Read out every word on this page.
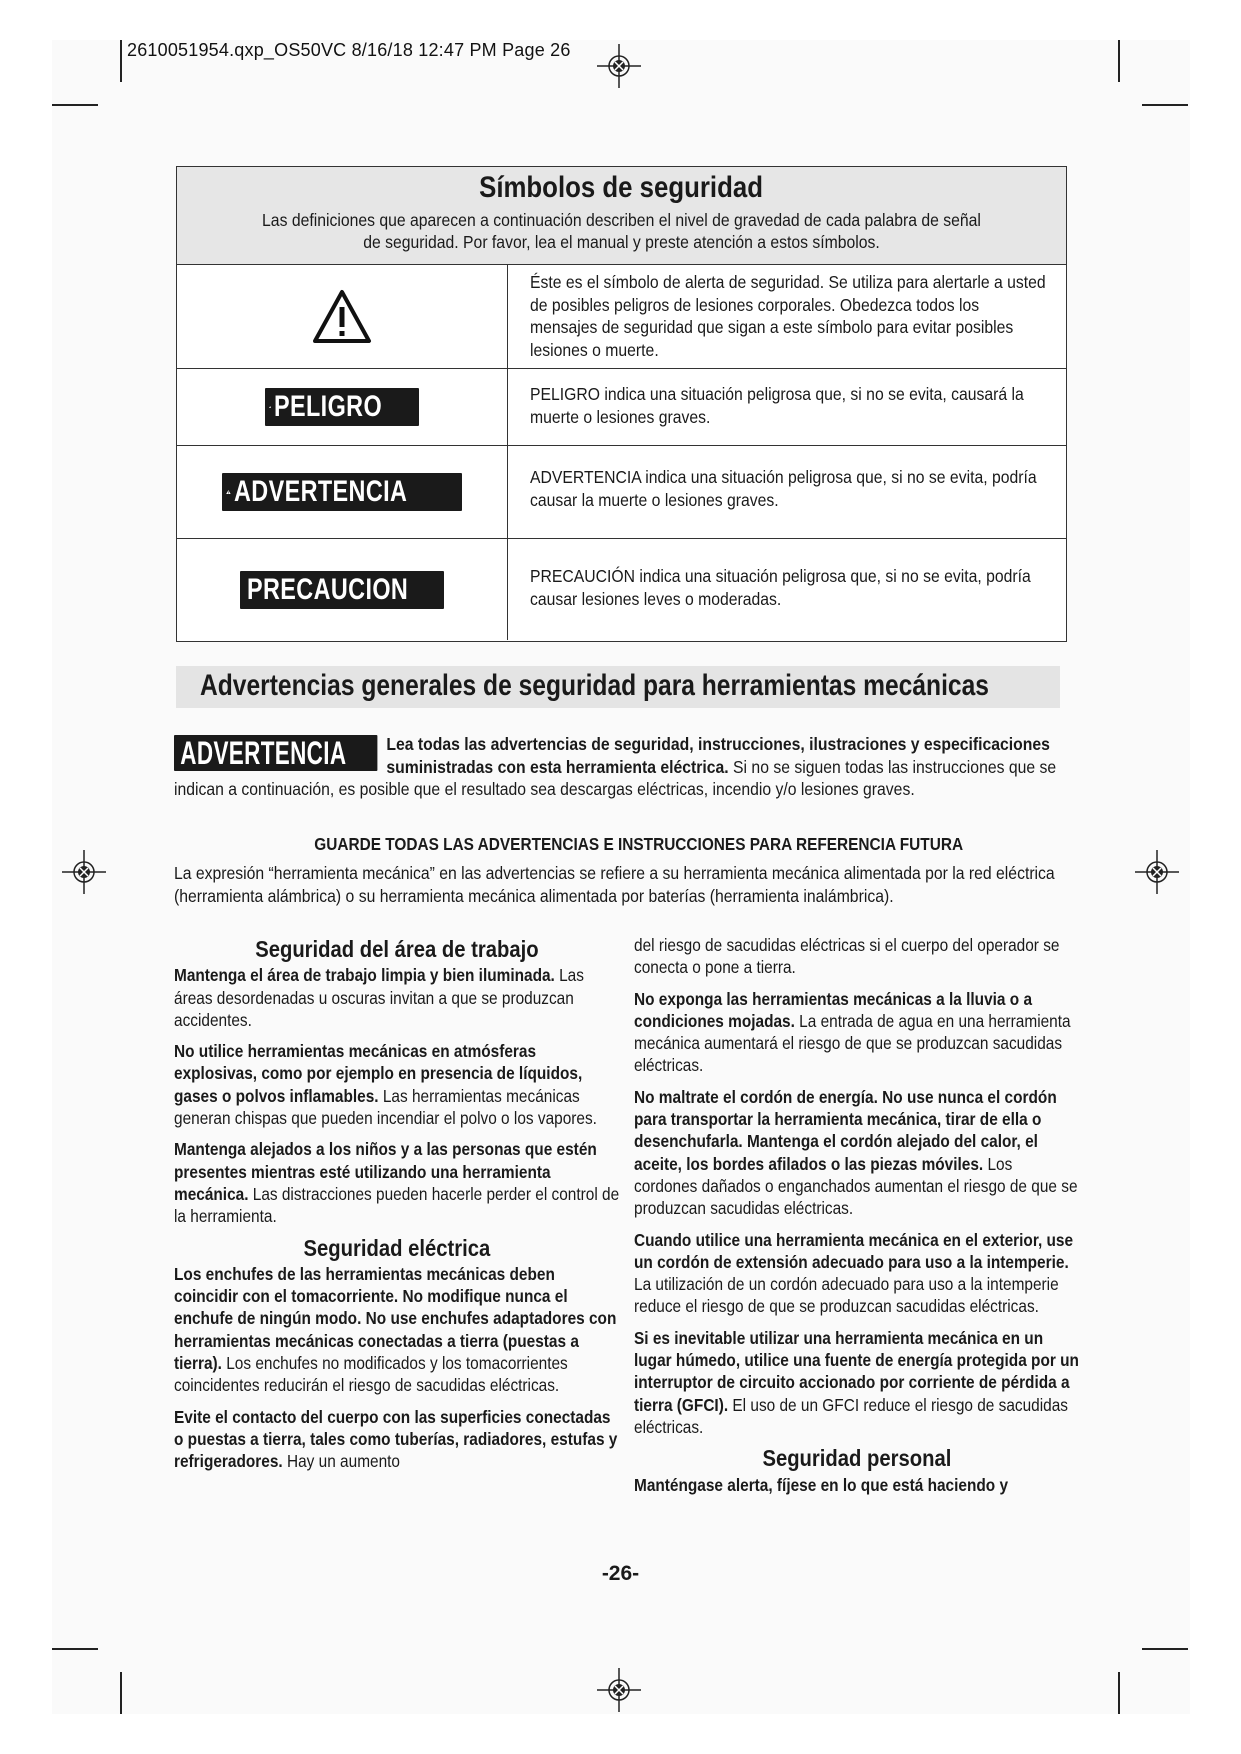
2610051954.qxp_OS50VC 8/16/18 12:47 PM Page 26
Símbolos de seguridad
Las definiciones que aparecen a continuación describen el nivel de gravedad de cada palabra de señal de seguridad. Por favor, lea el manual y preste atención a estos símbolos.
Éste es el símbolo de alerta de seguridad. Se utiliza para alertarle a usted de posibles peligros de lesiones corporales. Obedezca todos los mensajes de seguridad que sigan a este símbolo para evitar posibles lesiones o muerte.
PELIGRO	PELIGRO indica una situación peligrosa que, si no se evita, causará la muerte o lesiones graves.
ADVERTENCIA	ADVERTENCIA indica una situación peligrosa que, si no se evita, podría causar la muerte o lesiones graves.
PRECAUCION	PRECAUCIÓN indica una situación peligrosa que, si no se evita, podría causar lesiones leves o moderadas.
Advertencias generales de seguridad para herramientas mecánicas
ADVERTENCIA Lea todas las advertencias de seguridad, instrucciones, ilustraciones y especificaciones suministradas con esta herramienta eléctrica. Si no se siguen todas las instrucciones que se indican a continuación, es posible que el resultado sea descargas eléctricas, incendio y/o lesiones graves.
GUARDE TODAS LAS ADVERTENCIAS E INSTRUCCIONES PARA REFERENCIA FUTURA
La expresión “herramienta mecánica” en las advertencias se refiere a su herramienta mecánica alimentada por la red eléctrica (herramienta alámbrica) o su herramienta mecánica alimentada por baterías (herramienta inalámbrica).
Seguridad del área de trabajo

Mantenga el área de trabajo limpia y bien iluminada. Las áreas desordenadas u oscuras invitan a que se produzcan accidentes.

No utilice herramientas mecánicas en atmósferas explosivas, como por ejemplo en presencia de líquidos, gases o polvos inflamables. Las herramientas mecánicas generan chispas que pueden incendiar el polvo o los vapores.

Mantenga alejados a los niños y a las personas que estén presentes mientras esté utilizando una herramienta mecánica. Las distracciones pueden hacerle perder el control de la herramienta.

Seguridad eléctrica

Los enchufes de las herramientas mecánicas deben coincidir con el tomacorriente. No modifique nunca el enchufe de ningún modo. No use enchufes adaptadores con herramientas mecánicas conectadas a tierra (puestas a tierra). Los enchufes no modificados y los tomacorrientes coincidentes reducirán el riesgo de sacudidas eléctricas.

Evite el contacto del cuerpo con las superficies conectadas o puestas a tierra, tales como tuberías, radiadores, estufas y refrigeradores. Hay un aumento

del riesgo de sacudidas eléctricas si el cuerpo del operador se conecta o pone a tierra.

No exponga las herramientas mecánicas a la lluvia o a condiciones mojadas. La entrada de agua en una herramienta mecánica aumentará el riesgo de que se produzcan sacudidas eléctricas.

No maltrate el cordón de energía. No use nunca el cordón para transportar la herramienta mecánica, tirar de ella o desenchufarla. Mantenga el cordón alejado del calor, el aceite, los bordes afilados o las piezas móviles. Los cordones dañados o enganchados aumentan el riesgo de que se produzcan sacudidas eléctricas.

Cuando utilice una herramienta mecánica en el exterior, use un cordón de extensión adecuado para uso a la intemperie. La utilización de un cordón adecuado para uso a la intemperie reduce el riesgo de que se produzcan sacudidas eléctricas.

Si es inevitable utilizar una herramienta mecánica en un lugar húmedo, utilice una fuente de energía protegida por un interruptor de circuito accionado por corriente de pérdida a tierra (GFCI). El uso de un GFCI reduce el riesgo de sacudidas eléctricas.

Seguridad personal

Manténgase alerta, fíjese en lo que está haciendo y

-26-
